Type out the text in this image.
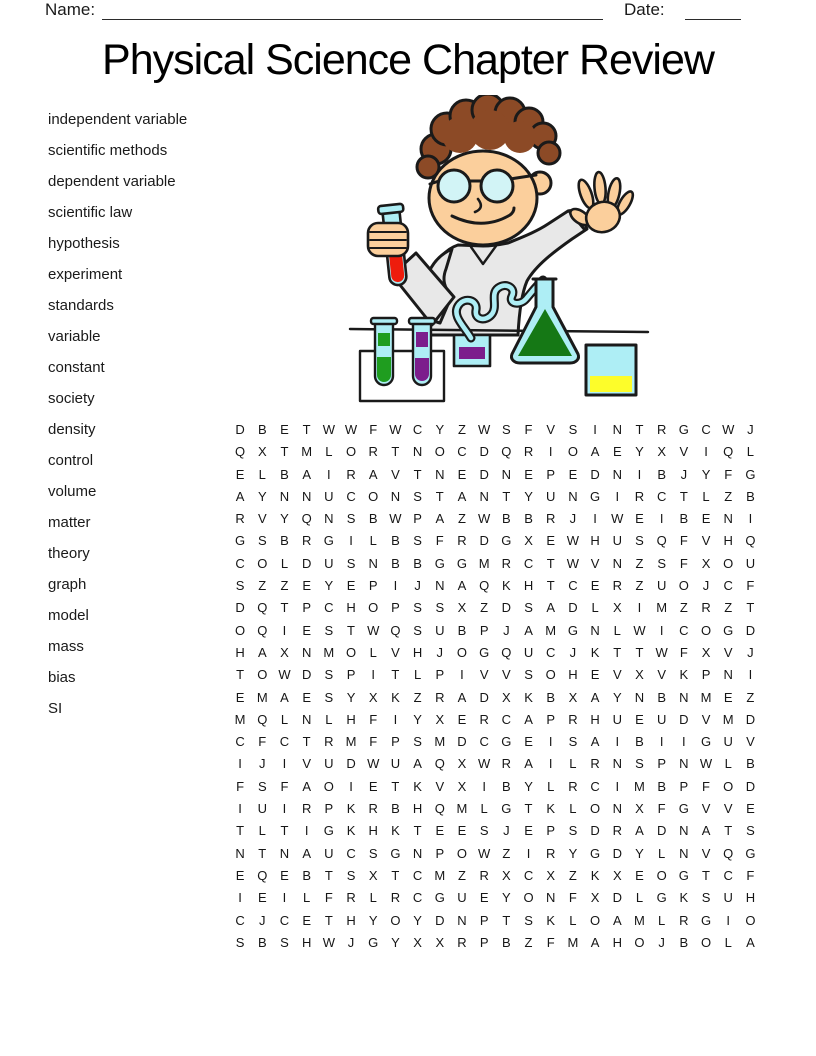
Name:	Date:
Physical Science Chapter Review
independent variable
scientific methods
dependent variable
scientific law
hypothesis
experiment
standards
variable
constant
society
density
control
volume
matter
theory
graph
model
mass
bias
SI
D	B	E	T W W F W C	Y	Z W S	F	V	S	I	N	T	R G C W J
Q X	T M	L	O R	T	N O C D Q R	I	O A	E	Y	X	V	I	Q	L
E	L	B	A	I	R	A	V	T	N	E	D N	E	P	E	D N	I	B	J	Y	F	G
A	Y	N N U C O N	S	T	A	N	T	Y	U N G	I	R C	T	L	Z	B
R	V	Y Q N	S	B W P	A	Z W B	B	R	J	I	W E	I	B	E	N	I
G S	B	R G	I	L	B	S	F	R D G X	E W H U	S Q	F	V	H Q
C O	L	D U	S	N	B	B G G M R C	T W V	N	Z	S	F	X O U
S	Z	Z	E	Y	E	P	I	J	N	A Q K	H	T	C	E	R	Z	U O	J	C	F
D Q	T	P	C H O P	S	S	X	Z	D	S	A	D	L	X	I	M Z	R	Z	T
O Q	I	E	S	T W Q S	U	B	P	J	A M G N	L W	I	C O G D
H	A	X	N M O	L	V	H	J	O G Q U C	J	K	T	T W F	X	V	J
T	O W D	S	P	I	T	L	P	I	V	V	S O H	E	V	X	V	K	P	N	I
E M A	E	S	Y	X	K	Z	R	A	D	X	K	B	X	A	Y	N	B	N M E	Z
M Q	L	N	L	H	F	I	Y	X	E	R C	A	P	R H U	E	U D	V M D
C	F	C	T	R M F	P	S M D C G E	I	S	A	I	B	I	I	G U	V
I	J	I	V	U D W U	A Q X W R	A	I	L	R N	S	P	N W L	B
F	S	F	A O	I	E	T	K	V	X	I	B	Y	L	R C	I	M B	P	F	O D
I	U	I	R	P	K	R	B	H Q M	L	G	T	K	L	O N	X	F	G V	V	E
T	L	T	I	G K	H	K	T	E	E	S	J	E	P	S	D R	A	D N	A	T	S
N	T	N	A	U C	S G N	P O W Z	I	R	Y G D	Y	L	N	V Q G
E Q E	B	T	S	X	T	C M Z	R	X	C	X	Z	K	X	E O G	T	C	F
I	E	I	L	F	R	L	R C G U	E	Y O N	F	X	D	L	G K	S	U H
C	J	C	E	T	H	Y O Y	D N	P	T	S	K	L	O A M	L	R G	I	O
S	B	S	H W J	G Y	X	X	R	P	B	Z	F M A	H O	J	B O	L	A
